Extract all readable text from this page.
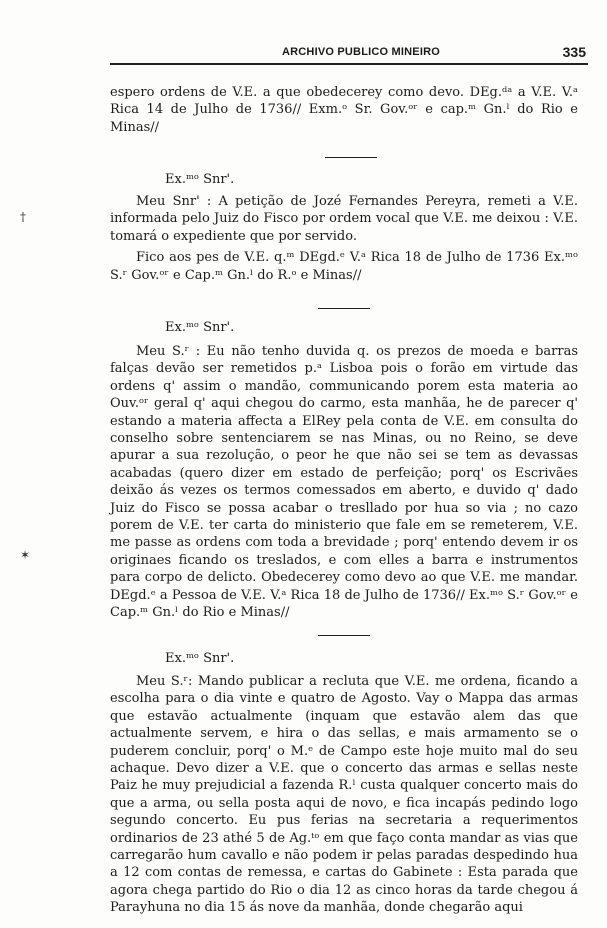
ARCHIVO PUBLICO MINEIRO	335

espero ordens de V.E. a que obedecerey como devo. DEg.ᵈᵃ a V.E. V.ᵃ Rica 14 de Julho de 1736// Exm.ᵒ Sr. Gov.ᵒʳ e cap.ᵐ Gn.ˡ do Rio e Minas//

Ex.ᵐᵒ Snr'.

Meu Snr' : A petição de Jozé Fernandes Pereyra, remeti a V.E. informada pelo Juiz do Fisco por ordem vocal que V.E. me deixou : V.E. tomará o expediente que por servido.

Fico aos pes de V.E. q.ᵐ DEgd.ᵉ V.ᵃ Rica 18 de Julho de 1736 Ex.ᵐᵒ S.ʳ Gov.ᵒʳ e Cap.ᵐ Gn.ˡ do R.ᵒ e Minas//

Ex.ᵐᵒ Snr'.

Meu S.ʳ : Eu não tenho duvida q. os prezos de moeda e barras falças devão ser remetidos p.ᵃ Lisboa pois o forão em virtude das ordens q' assim o mandão, communicando porem esta materia ao Ouv.ᵒʳ geral q' aqui chegou do carmo, esta manhãa, he de parecer q' estando a materia affecta a ElRey pela conta de V.E. em consulta do conselho sobre sentenciarem se nas Minas, ou no Reino, se deve apurar a sua rezolução, o peor he que não sei se tem as devassas acabadas (quero dizer em estado de perfeição; porq' os Escrivães deixão ás vezes os termos comessados em aberto, e duvido q' dado Juiz do Fisco se possa acabar o tresllado por hua so via ; no cazo porem de V.E. ter carta do ministerio que fale em se remeterem, V.E. me passe as ordens com toda a brevidade ; porq' entendo devem ir os originaes ficando os treslados, e com elles a barra e instrumentos para corpo de delicto. Obedecerey como devo ao que V.E. me mandar. DEgd.ᵉ a Pessoa de V.E. V.ᵃ Rica 18 de Julho de 1736// Ex.ᵐᵒ S.ʳ Gov.ᵒʳ e Cap.ᵐ Gn.ˡ do Rio e Minas//

Ex.ᵐᵒ Snr'.

Meu S.ʳ: Mando publicar a recluta que V.E. me ordena, ficando a escolha para o dia vinte e quatro de Agosto. Vay o Mappa das armas que estavão actualmente (inquam que estavão alem das que actualmente servem, e hira o das sellas, e mais armamento se o puderem concluir, porq' o M.ᵉ de Campo este hoje muito mal do seu achaque. Devo dizer a V.E. que o concerto das armas e sellas neste Paiz he muy prejudicial a fazenda R.ˡ custa qualquer concerto mais do que a arma, ou sella posta aqui de novo, e fica incapás pedindo logo segundo concerto. Eu pus ferias na secretaria a requerimentos ordinarios de 23 athé 5 de Ag.ᵗᵒ em que faço conta mandar as vias que carregarão hum cavallo e não podem ir pelas paradas despedindo hua a 12 com contas de remessa, e cartas do Gabinete : Esta parada que agora chega partido do Rio o dia 12 as cinco horas da tarde chegou á Parayhuna no dia 15 ás nove da manhãa, donde chegarão aqui

†
✶
